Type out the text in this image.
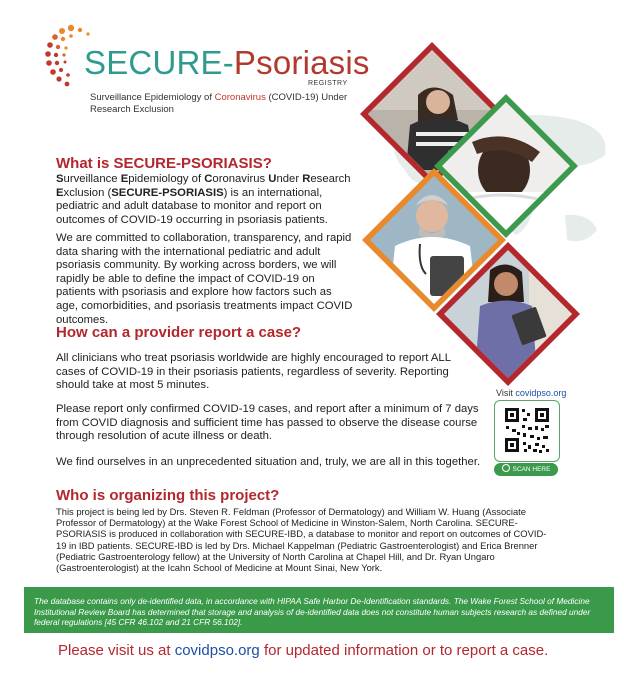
SECURE-Psoriasis
REGISTRY
Surveillance Epidemiology of Coronavirus (COVID-19) Under Research Exclusion
What is SECURE-PSORIASIS?

Surveillance Epidemiology of Coronavirus Under Research Exclusion (SECURE-PSORIASIS) is an international, pediatric and adult database to monitor and report on outcomes of COVID-19 occurring in psoriasis patients.

We are committed to collaboration, transparency, and rapid data sharing with the international pediatric and adult psoriasis community. By working across borders, we will rapidly be able to define the impact of COVID-19 on patients with psoriasis and explore how factors such as age, comorbidities, and psoriasis treatments impact COVID outcomes.

How can a provider report a case?

All clinicians who treat psoriasis worldwide are highly encouraged to report ALL cases of COVID-19 in their psoriasis patients, regardless of severity. Reporting should take at most 5 minutes.

Please report only confirmed COVID-19 cases, and report after a minimum of 7 days from COVID diagnosis and sufficient time has passed to observe the disease course through resolution of acute illness or death.

We find ourselves in an unprecedented situation and, truly, we are all in this together.

Visit covidpso.org
SCAN HERE
Who is organizing this project?

This project is being led by Drs. Steven R. Feldman (Professor of Dermatology) and William W. Huang (Associate Professor of Dermatology) at the Wake Forest School of Medicine in Winston-Salem, North Carolina. SECURE-PSORIASIS is produced in collaboration with SECURE-IBD, a database to monitor and report on outcomes of COVID-19 in IBD patients. SECURE-IBD is led by Drs. Michael Kappelman (Pediatric Gastroenterologist) and Erica Brenner (Pediatric Gastroenterology fellow) at the University of North Carolina at Chapel Hill, and Dr. Ryan Ungaro (Gastroenterologist) at the Icahn School of Medicine at Mount Sinai, New York.

The database contains only de-identified data, in accordance with HIPAA Safe Harbor De-Identification standards. The Wake Forest School of Medicine Institutional Review Board has determined that storage and analysis of de-identified data does not constitute human subjects research as defined under federal regulations [45 CFR 46.102 and 21 CFR 56.102].

Please visit us at covidpso.org for updated information or to report a case.
